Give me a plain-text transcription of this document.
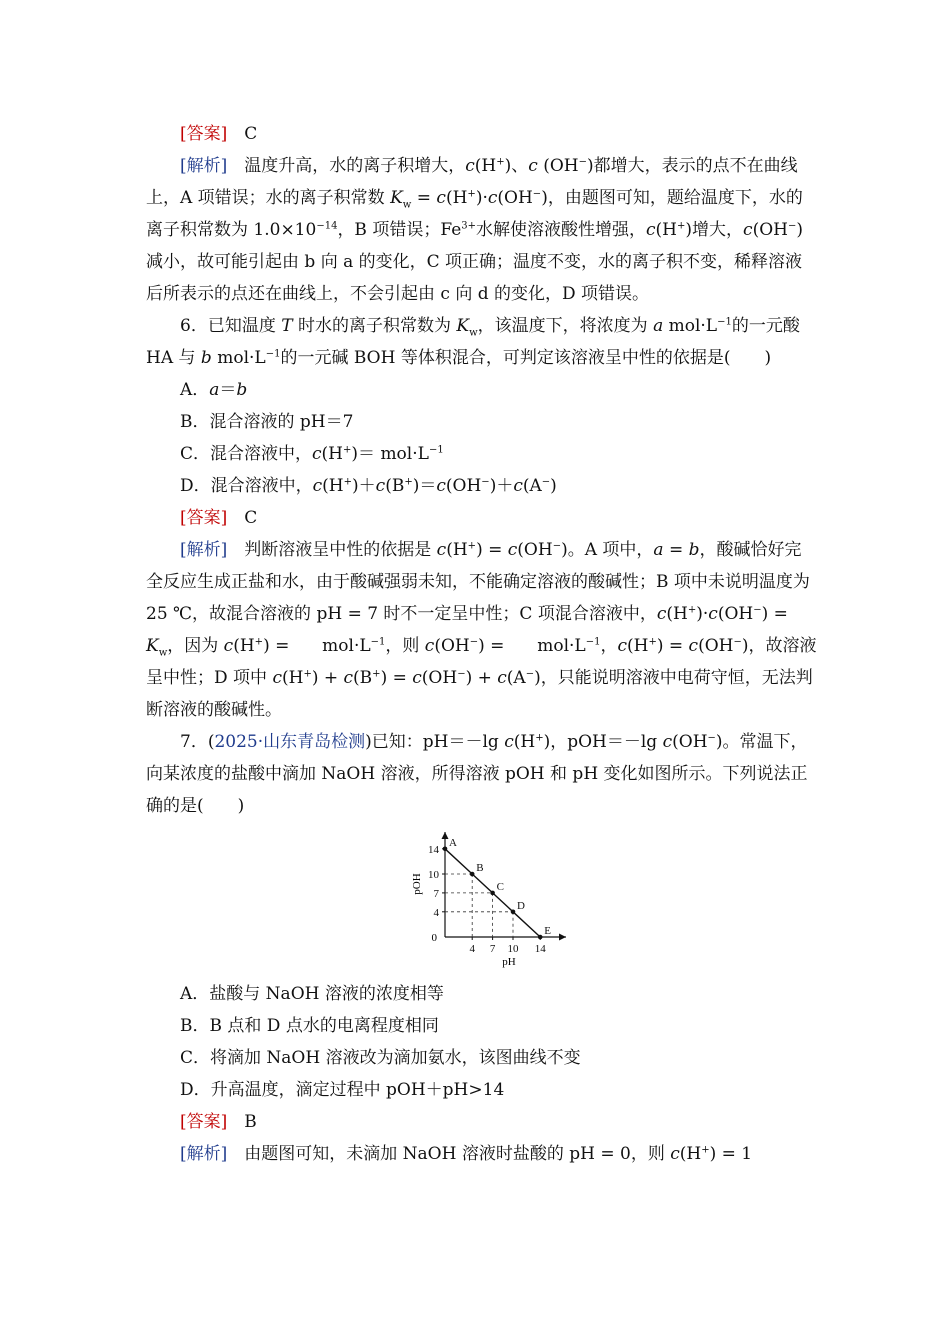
[答案]　 C

[解析]　 温度升高，水的离子积增大，c(H+)、c (OH−)都增大，表示的点不在曲线上，A 项错误；水的离子积常数 $K_w = c(H^+)\cdot c(OH^-)$，由题图可知，题给温度下，水的离子积常数为 $1.0\times 10^{-14}$，B 项错误；$Fe^{3+}$水解使溶液酸性增强，c(H+)增大，c(OH−)减小，故可能引起由 b 向 a 的变化，C 项正确；温度不变，水的离子积不变，稀释溶液后所表示的点还在曲线上，不会引起由 c 向 d 的变化，D 项错误。

6．已知温度 T 时水的离子积常数为 $K_w$，该温度下，将浓度为 a $mol\cdot L^{-1}$的一元酸 HA 与 b $mol\cdot L^{-1}$的一元碱 BOH 等体积混合，可判定该溶液呈中性的依据是(　　)

A．a＝b

B．混合溶液的 pH＝7

C．混合溶液中，$c(H^+)= mol\cdot L^{-1}$

D．混合溶液中，c(H+)＋c(B+)＝c(OH−)＋c(A−)

[答案]　 C

[解析]　 判断溶液呈中性的依据是 c(H+) = c(OH−)。A 项中，a = b，酸碱恰好完全反应生成正盐和水，由于酸碱强弱未知，不能确定溶液的酸碱性；B 项中未说明温度为 25 ℃，故混合溶液的 pH = 7 时不一定呈中性；C 项混合溶液中，$c(H^+)\cdot c(OH^-) = K_w$，因为 $c(H^+) = mol\cdot L^{-1}$，则 $c(OH^-) = mol\cdot L^{-1}$，c(H+) = c(OH−)，故溶液呈中性；D 项中 c(H+) + c(B+) = c(OH−) + c(A−)，只能说明溶液中电荷守恒，无法判断溶液的酸碱性。

7．(2025·山东青岛检测)已知：pH＝－lg c(H+)，pOH＝－lg c(OH−)。常温下，向某浓度的盐酸中滴加 NaOH 溶液，所得溶液 pOH 和 pH 变化如图所示。下列说法正确的是(　　)

A
B
C
D
E
4 7 10 14
14
10
7
4
pOH
pH
0

A．盐酸与 NaOH 溶液的浓度相等

B．B 点和 D 点水的电离程度相同

C．将滴加 NaOH 溶液改为滴加氨水，该图曲线不变

D．升高温度，滴定过程中 pOH＋pH>14

[答案]　 B

[解析]　 由题图可知，未滴加 NaOH 溶液时盐酸的 pH = 0，则 c(H+) = 1
